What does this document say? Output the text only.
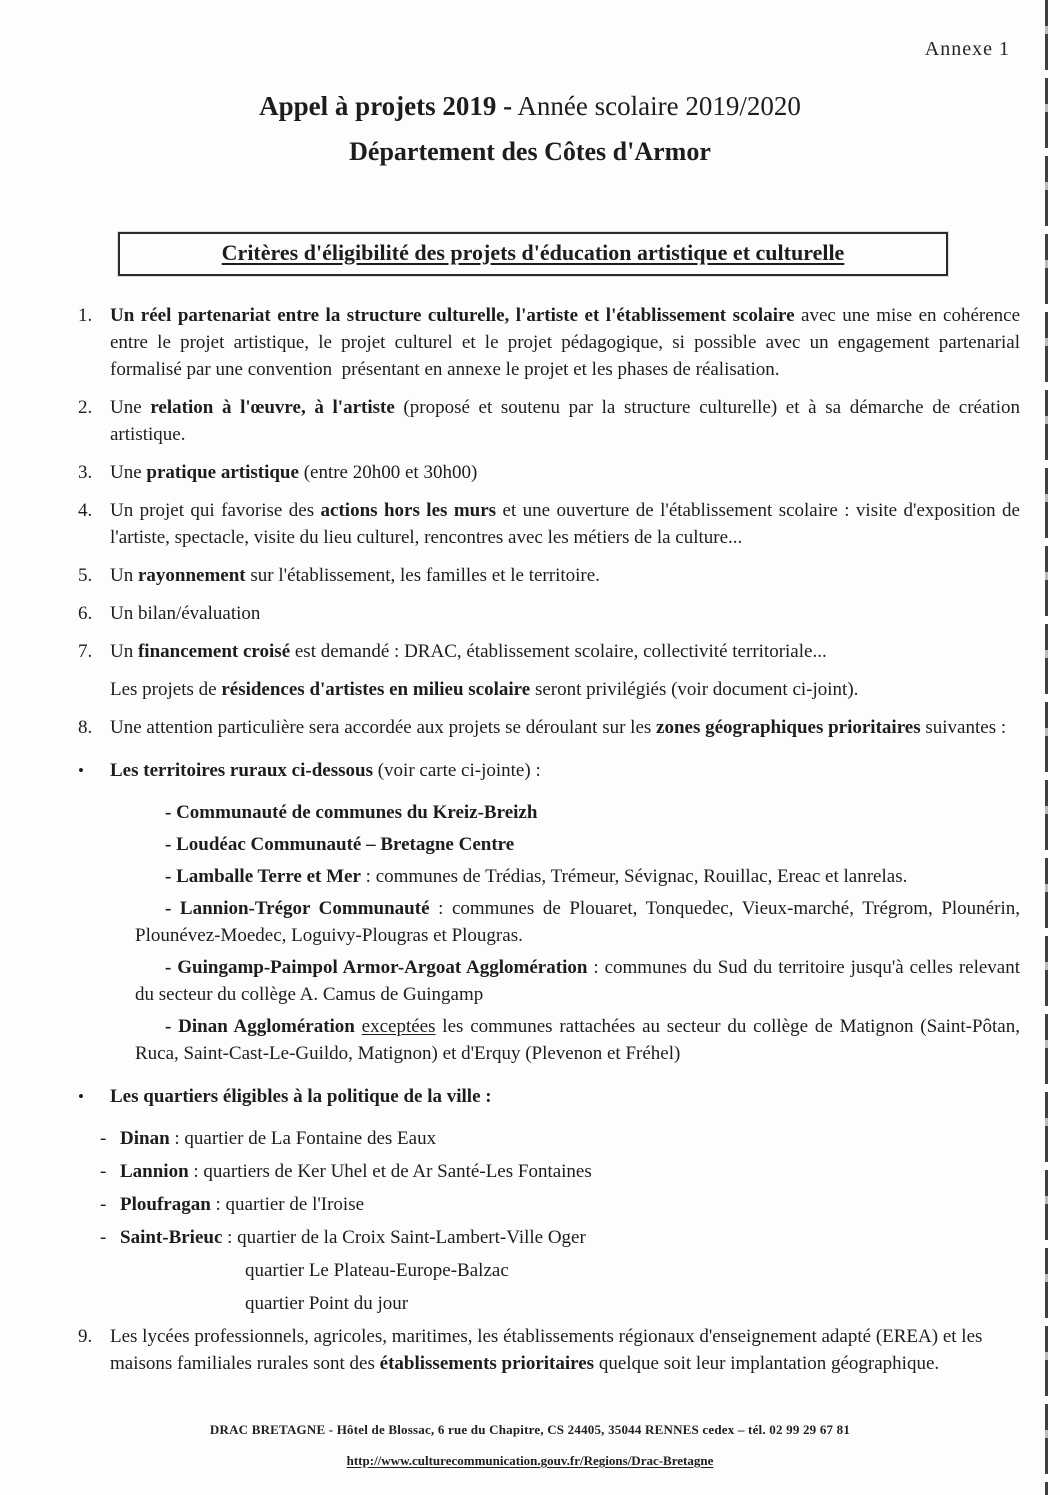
Annexe 1
Appel à projets 2019 - Année scolaire 2019/2020
Département des Côtes d'Armor
Critères d'éligibilité des projets d'éducation artistique et culturelle
1. Un réel partenariat entre la structure culturelle, l'artiste et l'établissement scolaire avec une mise en cohérence entre le projet artistique, le projet culturel et le projet pédagogique, si possible avec un engagement partenarial formalisé par une convention  présentant en annexe le projet et les phases de réalisation.
2. Une relation à l'œuvre, à l'artiste (proposé et soutenu par la structure culturelle) et à sa démarche de création artistique.
3. Une pratique artistique (entre 20h00 et 30h00)
4. Un projet qui favorise des actions hors les murs et une ouverture de l'établissement scolaire : visite d'exposition de l'artiste, spectacle, visite du lieu culturel, rencontres avec les métiers de la culture...
5. Un rayonnement sur l'établissement, les familles et le territoire.
6. Un bilan/évaluation
7. Un financement croisé est demandé : DRAC, établissement scolaire, collectivité territoriale...
Les projets de résidences d'artistes en milieu scolaire seront privilégiés (voir document ci-joint).
8. Une attention particulière sera accordée aux projets se déroulant sur les zones géographiques prioritaires suivantes :
•	Les territoires ruraux ci-dessous (voir carte ci-jointe) :
- Communauté de communes du Kreiz-Breizh
- Loudéac Communauté – Bretagne Centre
- Lamballe Terre et Mer : communes de Trédias, Trémeur, Sévignac, Rouillac, Ereac et lanrelas.
- Lannion-Trégor Communauté : communes de Plouaret, Tonquedec, Vieux-marché, Trégrom, Plounérin, Plounévez-Moedec, Loguivy-Plougras et Plougras.
- Guingamp-Paimpol Armor-Argoat Agglomération : communes du Sud du territoire jusqu'à celles relevant du secteur du collège A. Camus de Guingamp
- Dinan Agglomération exceptées les communes rattachées au secteur du collège de Matignon (Saint-Pôtan, Ruca, Saint-Cast-Le-Guildo, Matignon) et d'Erquy (Plevenon et Fréhel)
•	Les quartiers éligibles à la politique de la ville :
- Dinan : quartier de La Fontaine des Eaux
- Lannion : quartiers de Ker Uhel et de Ar Santé-Les Fontaines
- Ploufragan : quartier de l'Iroise
- Saint-Brieuc : quartier de la Croix Saint-Lambert-Ville Oger
quartier Le Plateau-Europe-Balzac
quartier Point du jour
9. Les lycées professionnels, agricoles, maritimes, les établissements régionaux d'enseignement adapté (EREA) et les maisons familiales rurales sont des établissements prioritaires quelque soit leur implantation géographique.
DRAC BRETAGNE - Hôtel de Blossac, 6 rue du Chapitre, CS 24405, 35044 RENNES cedex – tél. 02 99 29 67 81
http://www.culturecommunication.gouv.fr/Regions/Drac-Bretagne
